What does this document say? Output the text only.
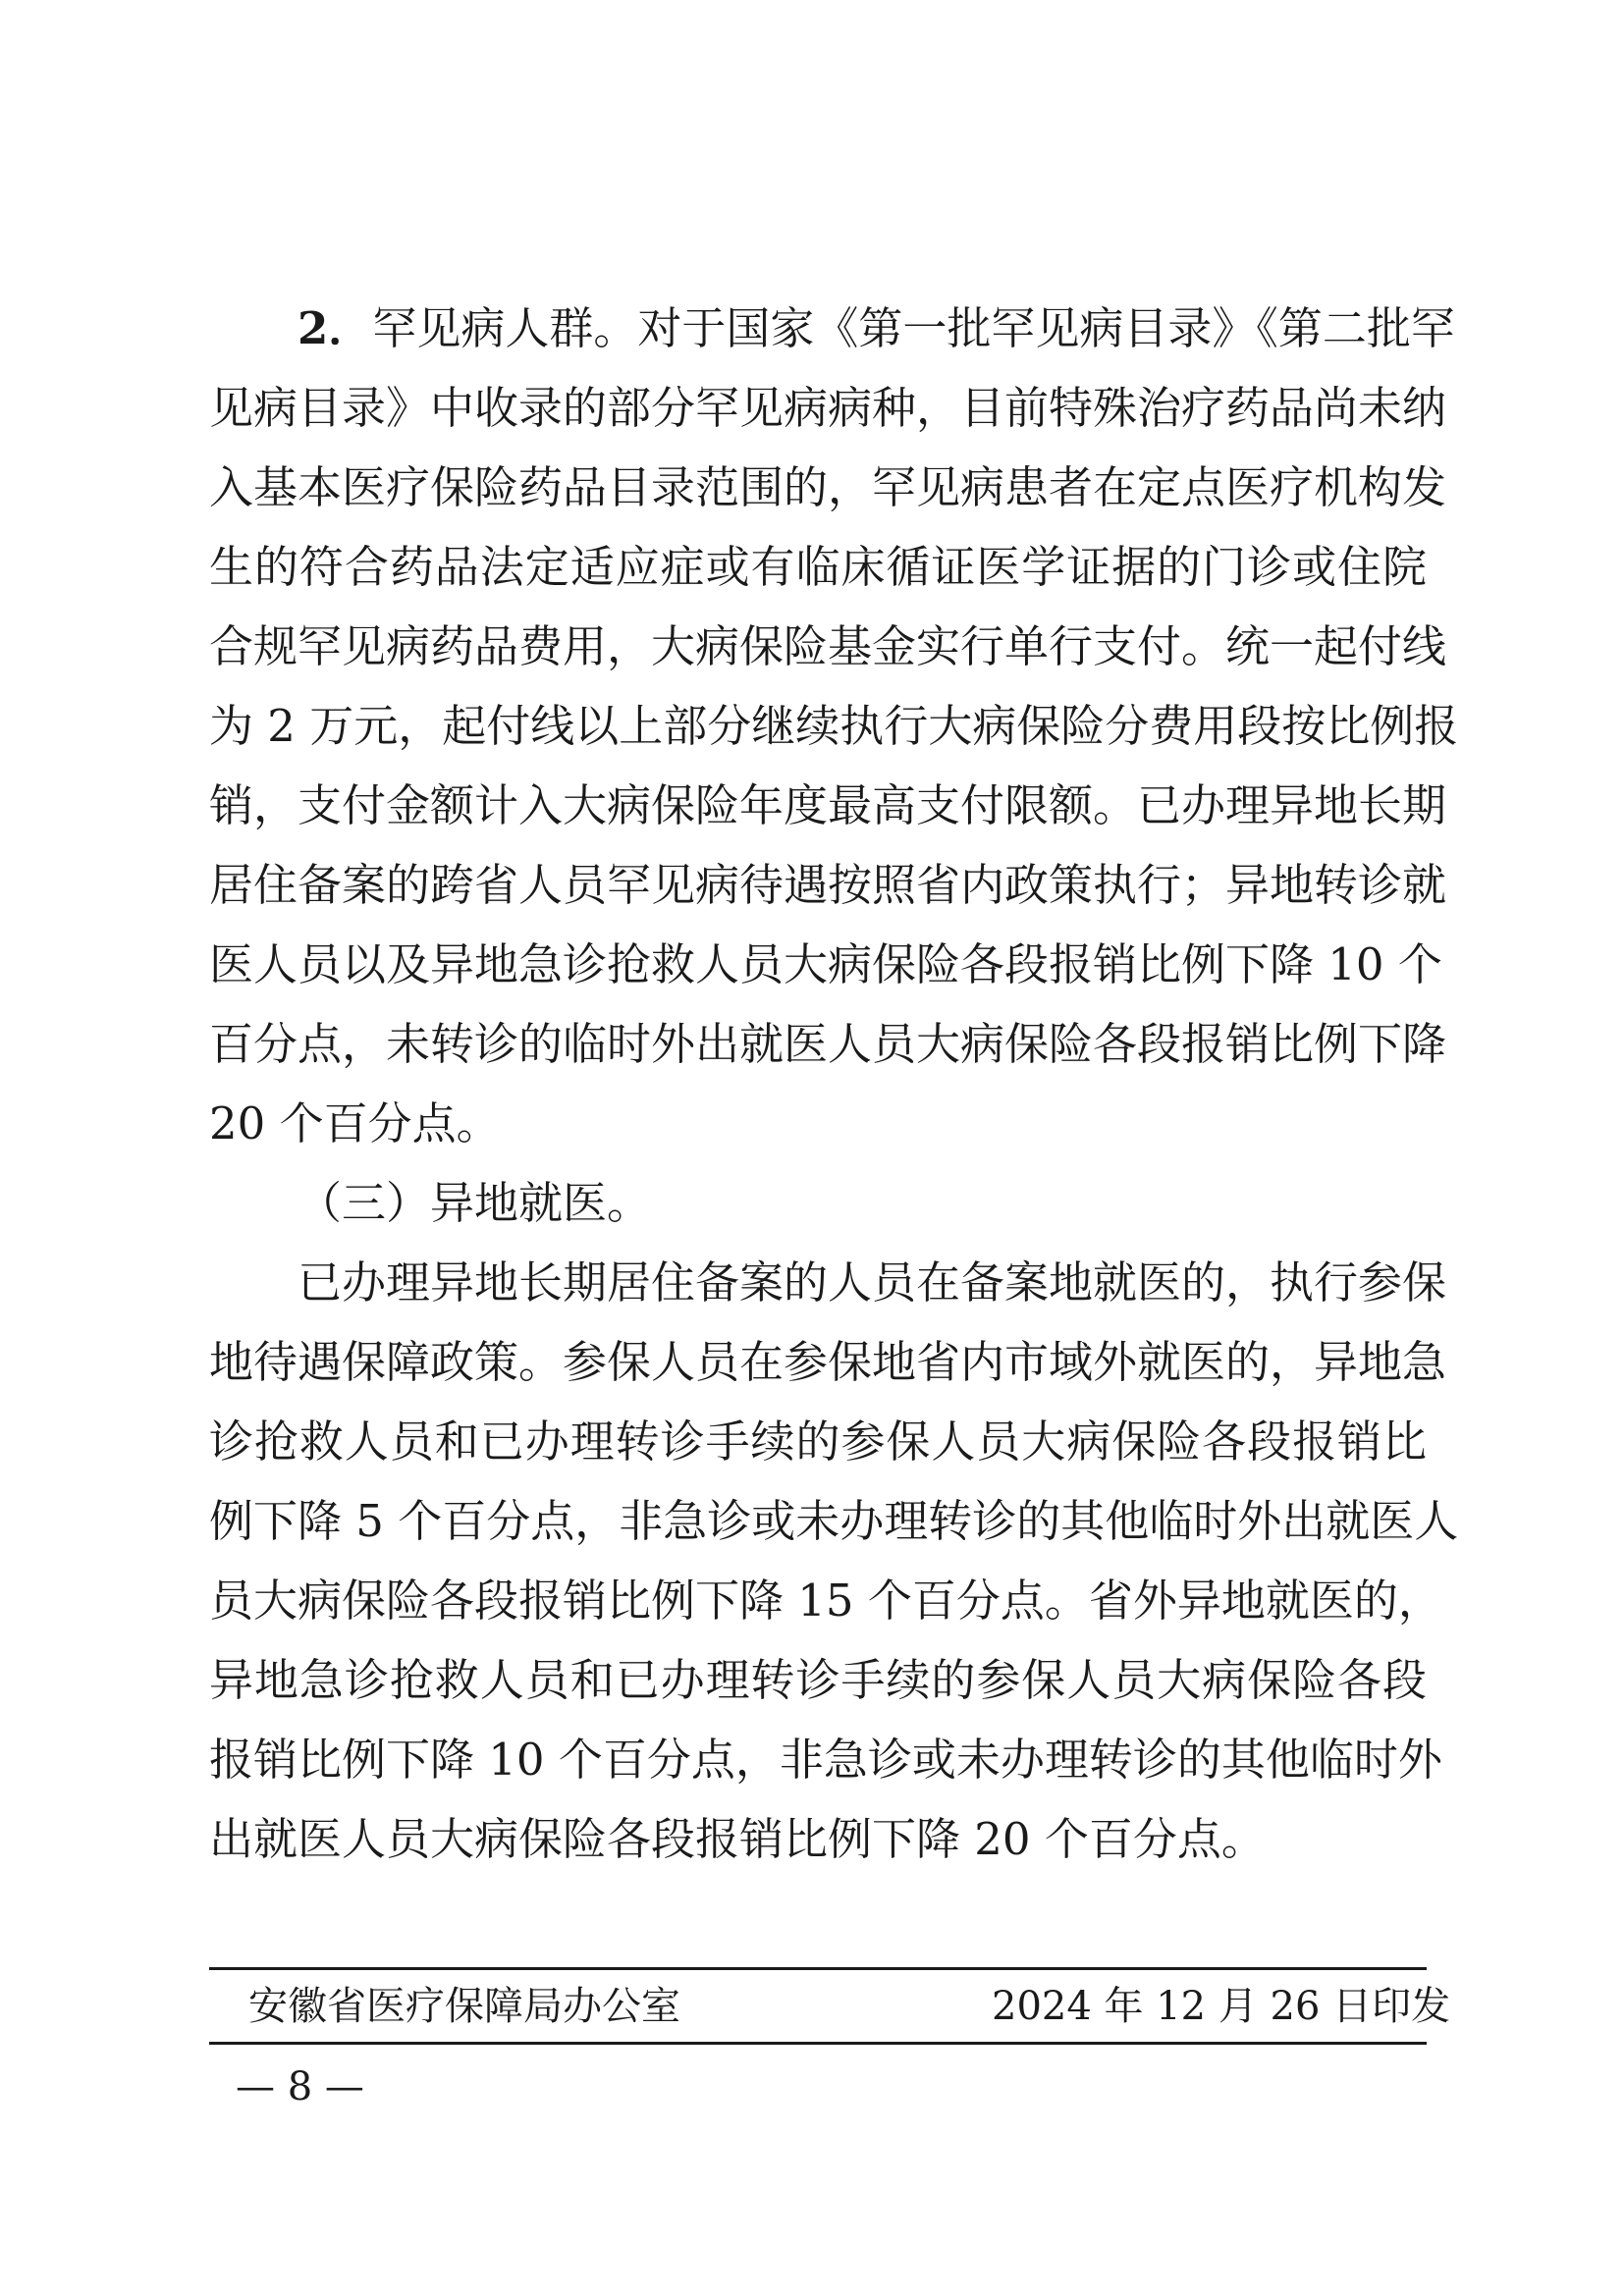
2．罕见病人群。对于国家《第一批罕见病目录》《第二批罕
见病目录》中收录的部分罕见病病种，目前特殊治疗药品尚未纳
入基本医疗保险药品目录范围的，罕见病患者在定点医疗机构发
生的符合药品法定适应症或有临床循证医学证据的门诊或住院
合规罕见病药品费用，大病保险基金实行单行支付。统一起付线
为 2 万元，起付线以上部分继续执行大病保险分费用段按比例报
销，支付金额计入大病保险年度最高支付限额。已办理异地长期
居住备案的跨省人员罕见病待遇按照省内政策执行；异地转诊就
医人员以及异地急诊抢救人员大病保险各段报销比例下降 10 个
百分点，未转诊的临时外出就医人员大病保险各段报销比例下降
20 个百分点。
（三）异地就医。
已办理异地长期居住备案的人员在备案地就医的，执行参保
地待遇保障政策。参保人员在参保地省内市域外就医的，异地急
诊抢救人员和已办理转诊手续的参保人员大病保险各段报销比
例下降 5 个百分点，非急诊或未办理转诊的其他临时外出就医人
员大病保险各段报销比例下降 15 个百分点。省外异地就医的，
异地急诊抢救人员和已办理转诊手续的参保人员大病保险各段
报销比例下降 10 个百分点，非急诊或未办理转诊的其他临时外
出就医人员大病保险各段报销比例下降 20 个百分点。
安徽省医疗保障局办公室	2024 年 12 月 26 日印发
— 8 —
